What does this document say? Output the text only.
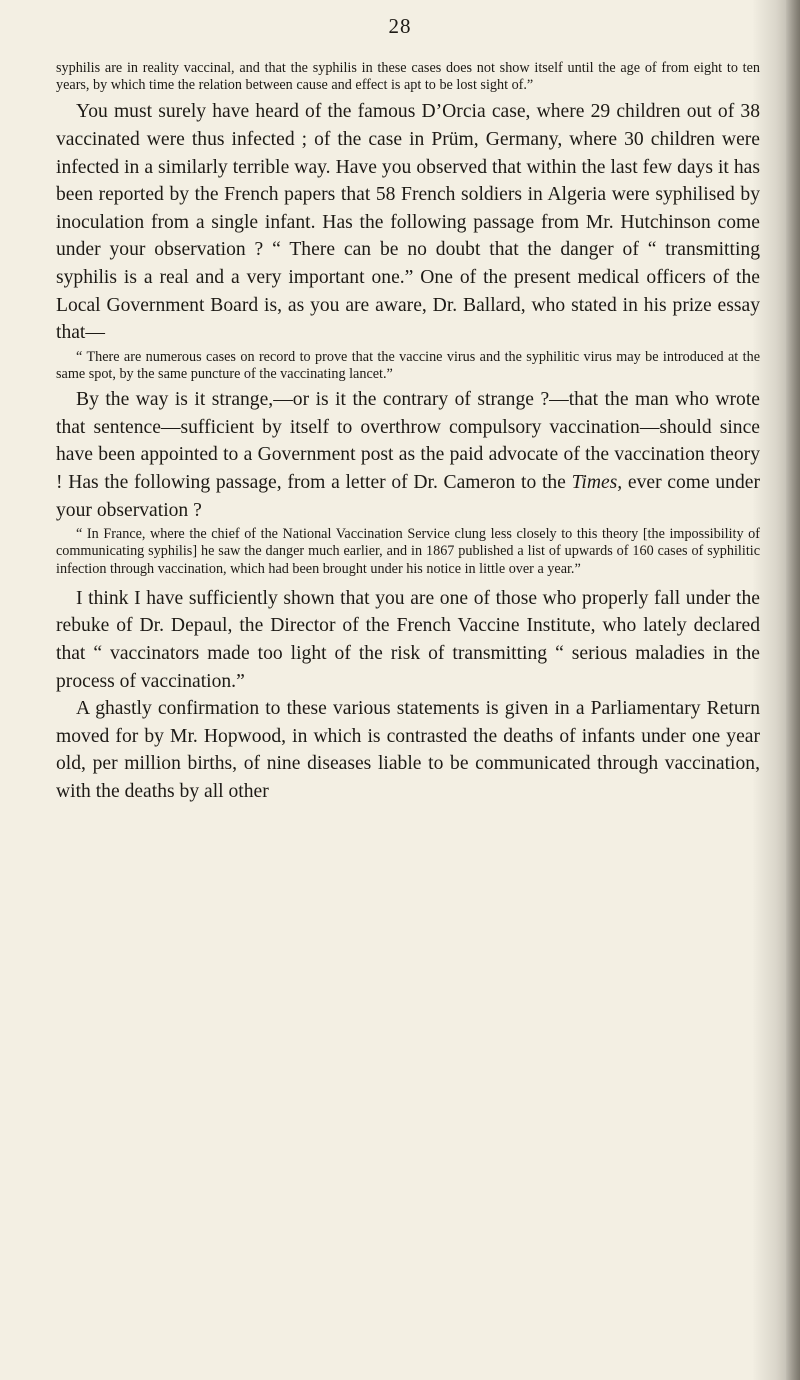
28

syphilis are in reality vaccinal, and that the syphilis in these cases does not show itself until the age of from eight to ten years, by which time the relation between cause and effect is apt to be lost sight of.”

You must surely have heard of the famous D’Orcia case, where 29 children out of 38 vaccinated were thus infected ; of the case in Prüm, Germany, where 30 children were infected in a similarly terrible way. Have you observed that within the last few days it has been reported by the French papers that 58 French soldiers in Algeria were syphilised by inoculation from a single infant. Has the following passage from Mr. Hutchinson come under your observation ? “ There can be no doubt that the danger of “ transmitting syphilis is a real and a very important one.” One of the present medical officers of the Local Government Board is, as you are aware, Dr. Ballard, who stated in his prize essay that—

“ There are numerous cases on record to prove that the vaccine virus and the syphilitic virus may be introduced at the same spot, by the same puncture of the vaccinating lancet.”

By the way is it strange,—or is it the contrary of strange ?—that the man who wrote that sentence—sufficient by itself to overthrow compulsory vaccination—should since have been appointed to a Government post as the paid advocate of the vaccination theory ! Has the following passage, from a letter of Dr. Cameron to the Times, ever come under your observation ?

“ In France, where the chief of the National Vaccination Service clung less closely to this theory [the impossibility of communicating syphilis] he saw the danger much earlier, and in 1867 published a list of upwards of 160 cases of syphilitic infection through vaccination, which had been brought under his notice in little over a year.”

I think I have sufficiently shown that you are one of those who properly fall under the rebuke of Dr. Depaul, the Director of the French Vaccine Institute, who lately declared that “ vaccinators made too light of the risk of transmitting “ serious maladies in the process of vaccination.”

A ghastly confirmation to these various statements is given in a Parliamentary Return moved for by Mr. Hopwood, in which is contrasted the deaths of infants under one year old, per million births, of nine diseases liable to be communicated through vaccination, with the deaths by all other
